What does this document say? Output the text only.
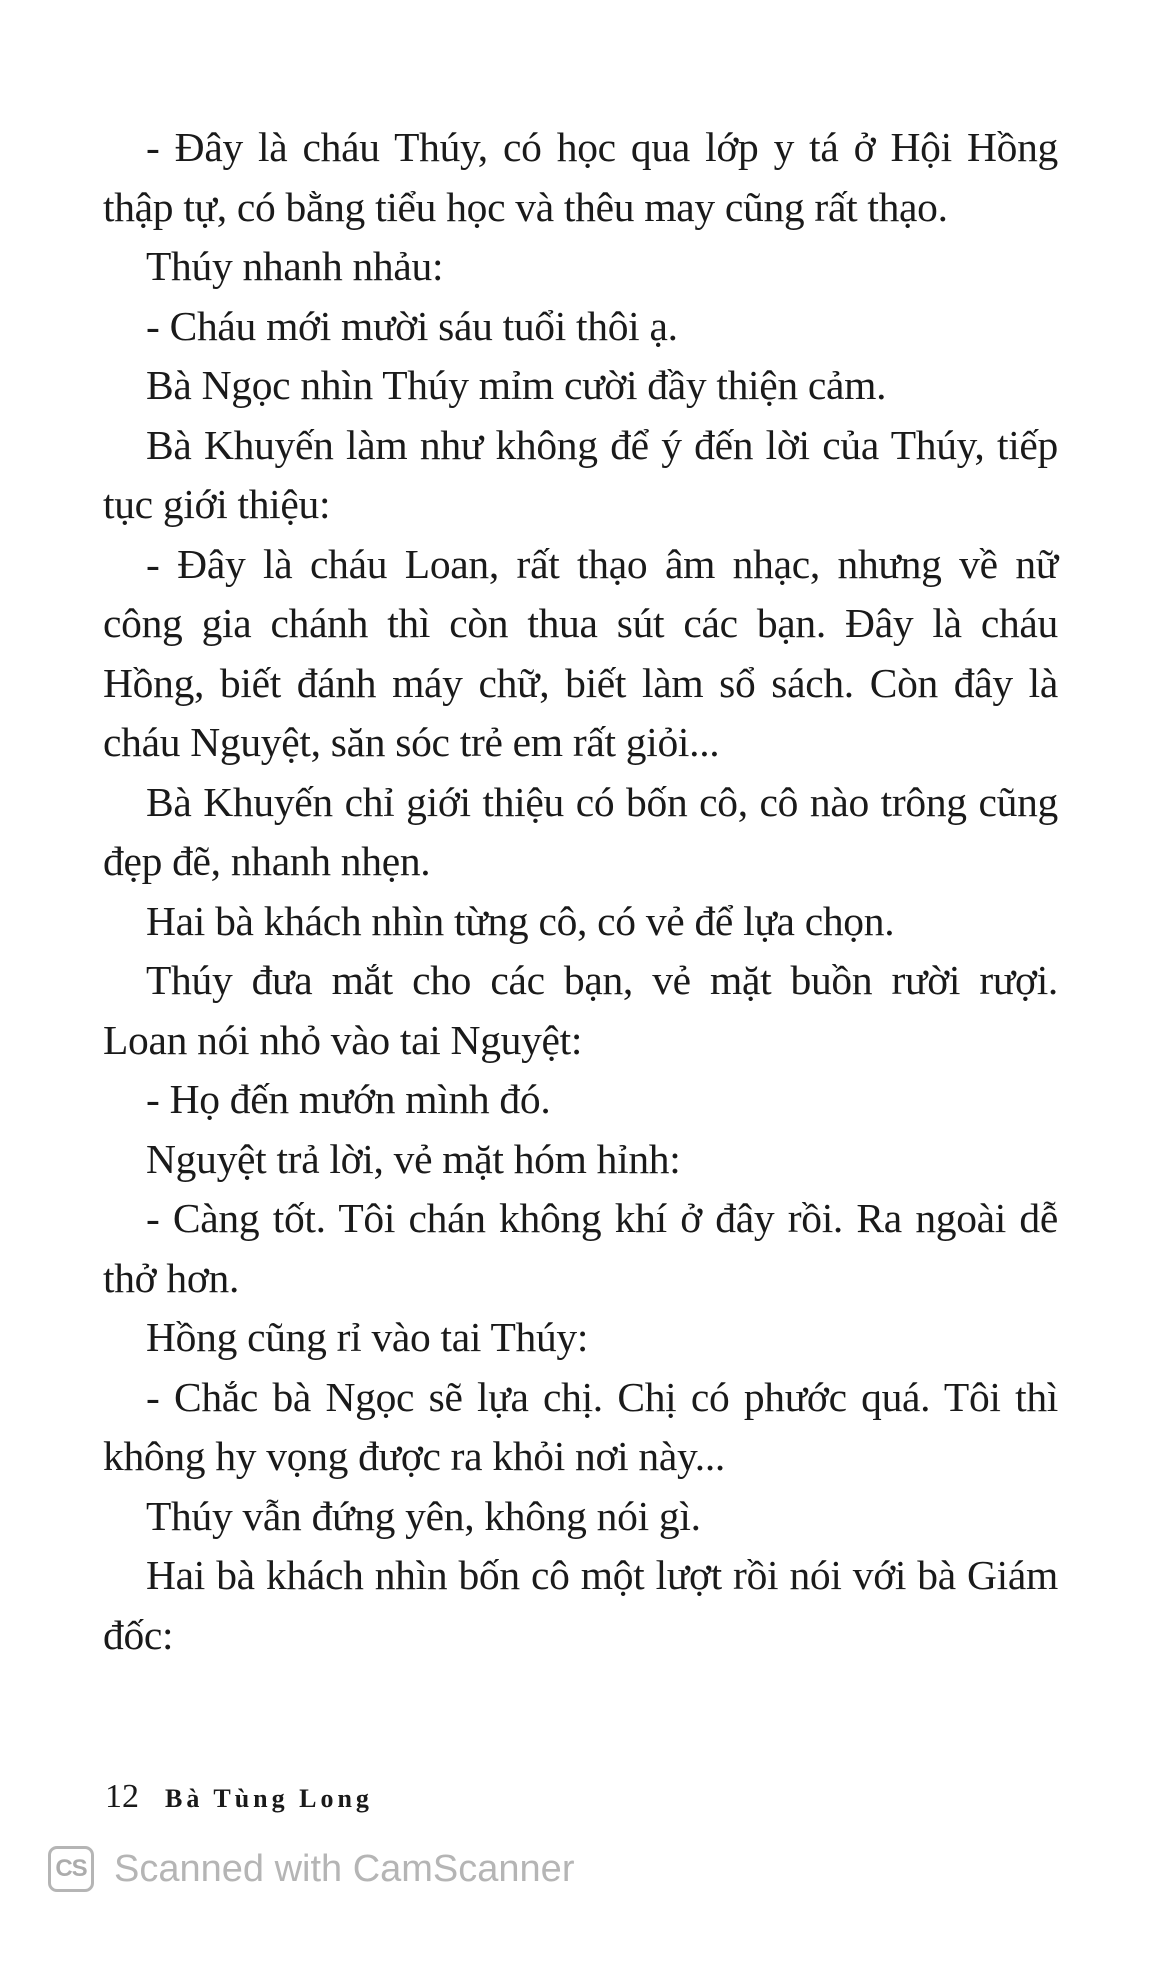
- Đây là cháu Thúy, có học qua lớp y tá ở Hội Hồng thập tự, có bằng tiểu học và thêu may cũng rất thạo.

Thúy nhanh nhảu:

- Cháu mới mười sáu tuổi thôi ạ.

Bà Ngọc nhìn Thúy mỉm cười đầy thiện cảm.

Bà Khuyến làm như không để ý đến lời của Thúy, tiếp tục giới thiệu:

- Đây là cháu Loan, rất thạo âm nhạc, nhưng về nữ công gia chánh thì còn thua sút các bạn. Đây là cháu Hồng, biết đánh máy chữ, biết làm sổ sách. Còn đây là cháu Nguyệt, săn sóc trẻ em rất giỏi...

Bà Khuyến chỉ giới thiệu có bốn cô, cô nào trông cũng đẹp đẽ, nhanh nhẹn.

Hai bà khách nhìn từng cô, có vẻ để lựa chọn.

Thúy đưa mắt cho các bạn, vẻ mặt buồn rười rượi. Loan nói nhỏ vào tai Nguyệt:

- Họ đến mướn mình đó.

Nguyệt trả lời, vẻ mặt hóm hỉnh:

- Càng tốt. Tôi chán không khí ở đây rồi. Ra ngoài dễ thở hơn.

Hồng cũng rỉ vào tai Thúy:

- Chắc bà Ngọc sẽ lựa chị. Chị có phước quá. Tôi thì không hy vọng được ra khỏi nơi này...

Thúy vẫn đứng yên, không nói gì.

Hai bà khách nhìn bốn cô một lượt rồi nói với bà Giám đốc:

12 Bà Tùng Long
CS Scanned with CamScanner
